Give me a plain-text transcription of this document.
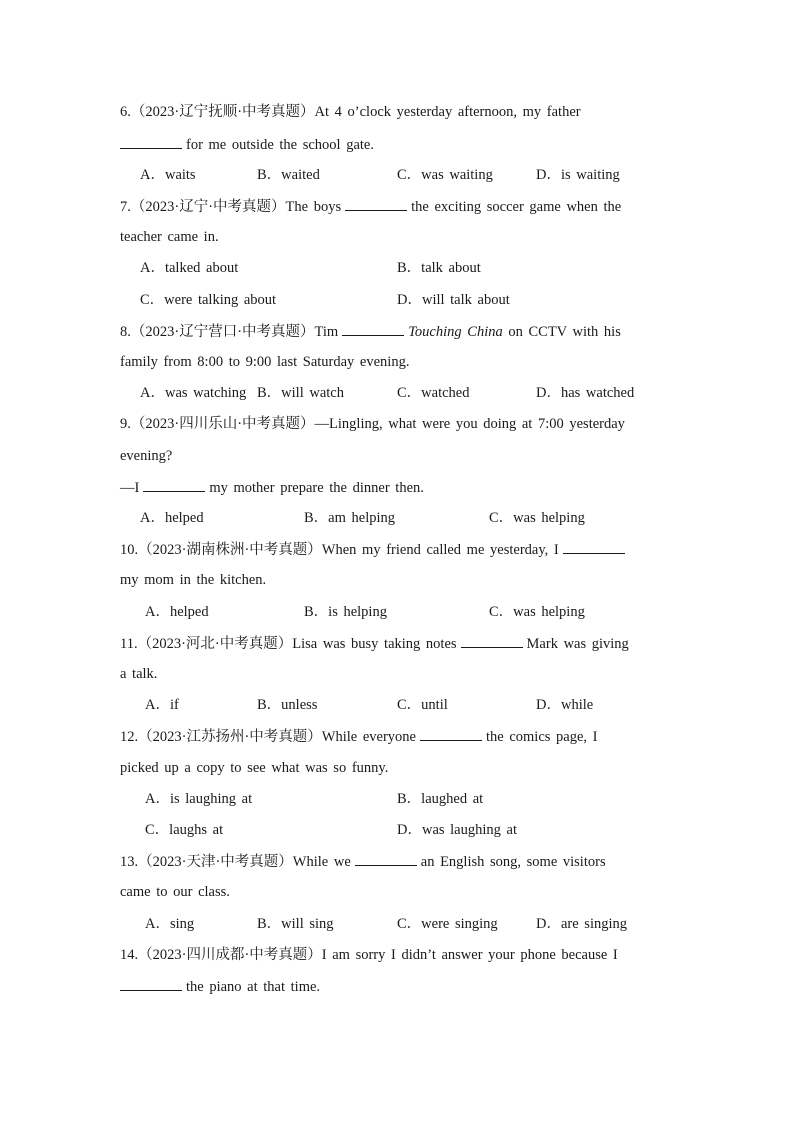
6.（2023·辽宁抚顺·中考真题）At 4 o’clock yesterday afternoon, my father
for me outside the school gate.
A．waits	B．waited	C．was waiting	D．is waiting
7.（2023·辽宁·中考真题）The boys	the exciting soccer game when the
teacher came in.
A．talked about	B．talk about
C．were talking about	D．will talk about
8.（2023·辽宁营口·中考真题）Tim	Touching China on CCTV with his
family from 8:00 to 9:00 last Saturday evening.
A．was watching B．will watch	C．watched	D．has watched
9.（2023·四川乐山·中考真题）—Lingling, what were you doing at 7:00 yesterday
evening?
—I	my mother prepare the dinner then.
A．helped	B．am helping	C．was helping
10.（2023·湖南株洲·中考真题）When my friend called me yesterday, I
my mom in the kitchen.
A．helped	B．is helping	C．was helping
11.（2023·河北·中考真题）Lisa was busy taking notes	Mark was giving
a talk.
A．if	B．unless	C．until	D．while
12.（2023·江苏扬州·中考真题）While everyone	the comics page, I
picked up a copy to see what was so funny.
A．is laughing at	B．laughed at
C．laughs at	D．was laughing at
13.（2023·天津·中考真题）While we	an English song, some visitors
came to our class.
A．sing	B．will sing	C．were singing	D．are singing
14.（2023·四川成都·中考真题）I am sorry I didn’t answer your phone because I
the piano at that time.
